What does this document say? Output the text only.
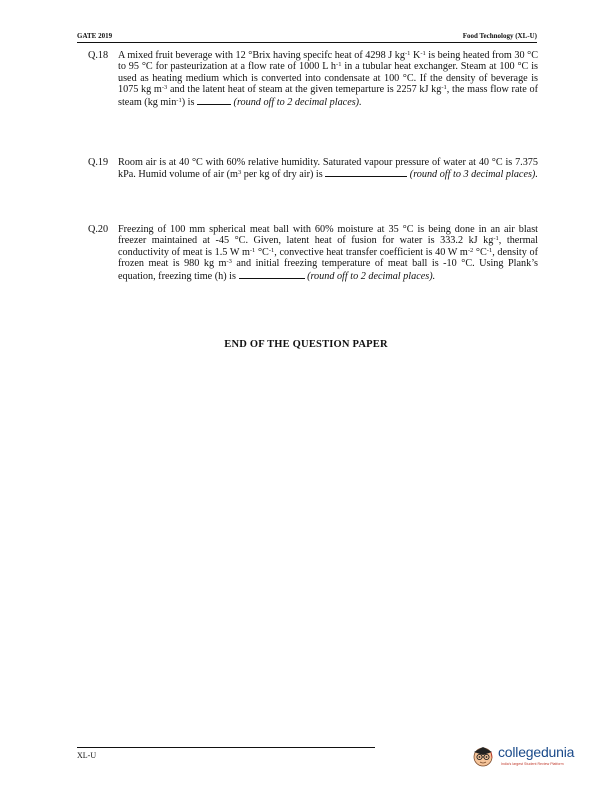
GATE 2019	Food Technology (XL-U)
Q.18 A mixed fruit beverage with 12 °Brix having specifc heat of 4298 J $kg^{-1}$ $K^{-1}$ is being heated from 30 °C to 95 °C for pasteurization at a flow rate of 1000 L $h^{-1}$ in a tubular heat exchanger. Steam at 100 °C is used as heating medium which is converted into condensate at 100 °C. If the density of beverage is 1075 kg $m^{-3}$ and the latent heat of steam at the given temeparture is 2257 kJ $kg^{-1}$, the mass flow rate of steam (kg $\min^{-1}$) is	(round off to 2 decimal places).
Q.19 Room air is at 40 °C with 60% relative humidity. Saturated vapour pressure of water at 40 °C is 7.375 kPa. Humid volume of air ($m^3$ per kg of dry air) is	(round off to 3 decimal places).
Q.20 Freezing of 100 mm spherical meat ball with 60% moisture at 35 °C is being done in an air blast freezer maintained at -45 °C. Given, latent heat of fusion for water is 333.2 kJ $kg^{-1}$, thermal conductivity of meat is 1.5 W $m^{-1}$ $^\circ C^{-1}$, convective heat transfer coefficient is 40 W $m^{-2}$ $^\circ C^{-1}$, density of frozen meat is 980 kg $m^{-3}$ and initial freezing temperature of meat ball is -10 °C. Using Plank’s equation, freezing time (h) is	(round off to 2 decimal places).
END OF THE QUESTION PAPER
XL-U	collegedunia
India's largest Student Review Platform
